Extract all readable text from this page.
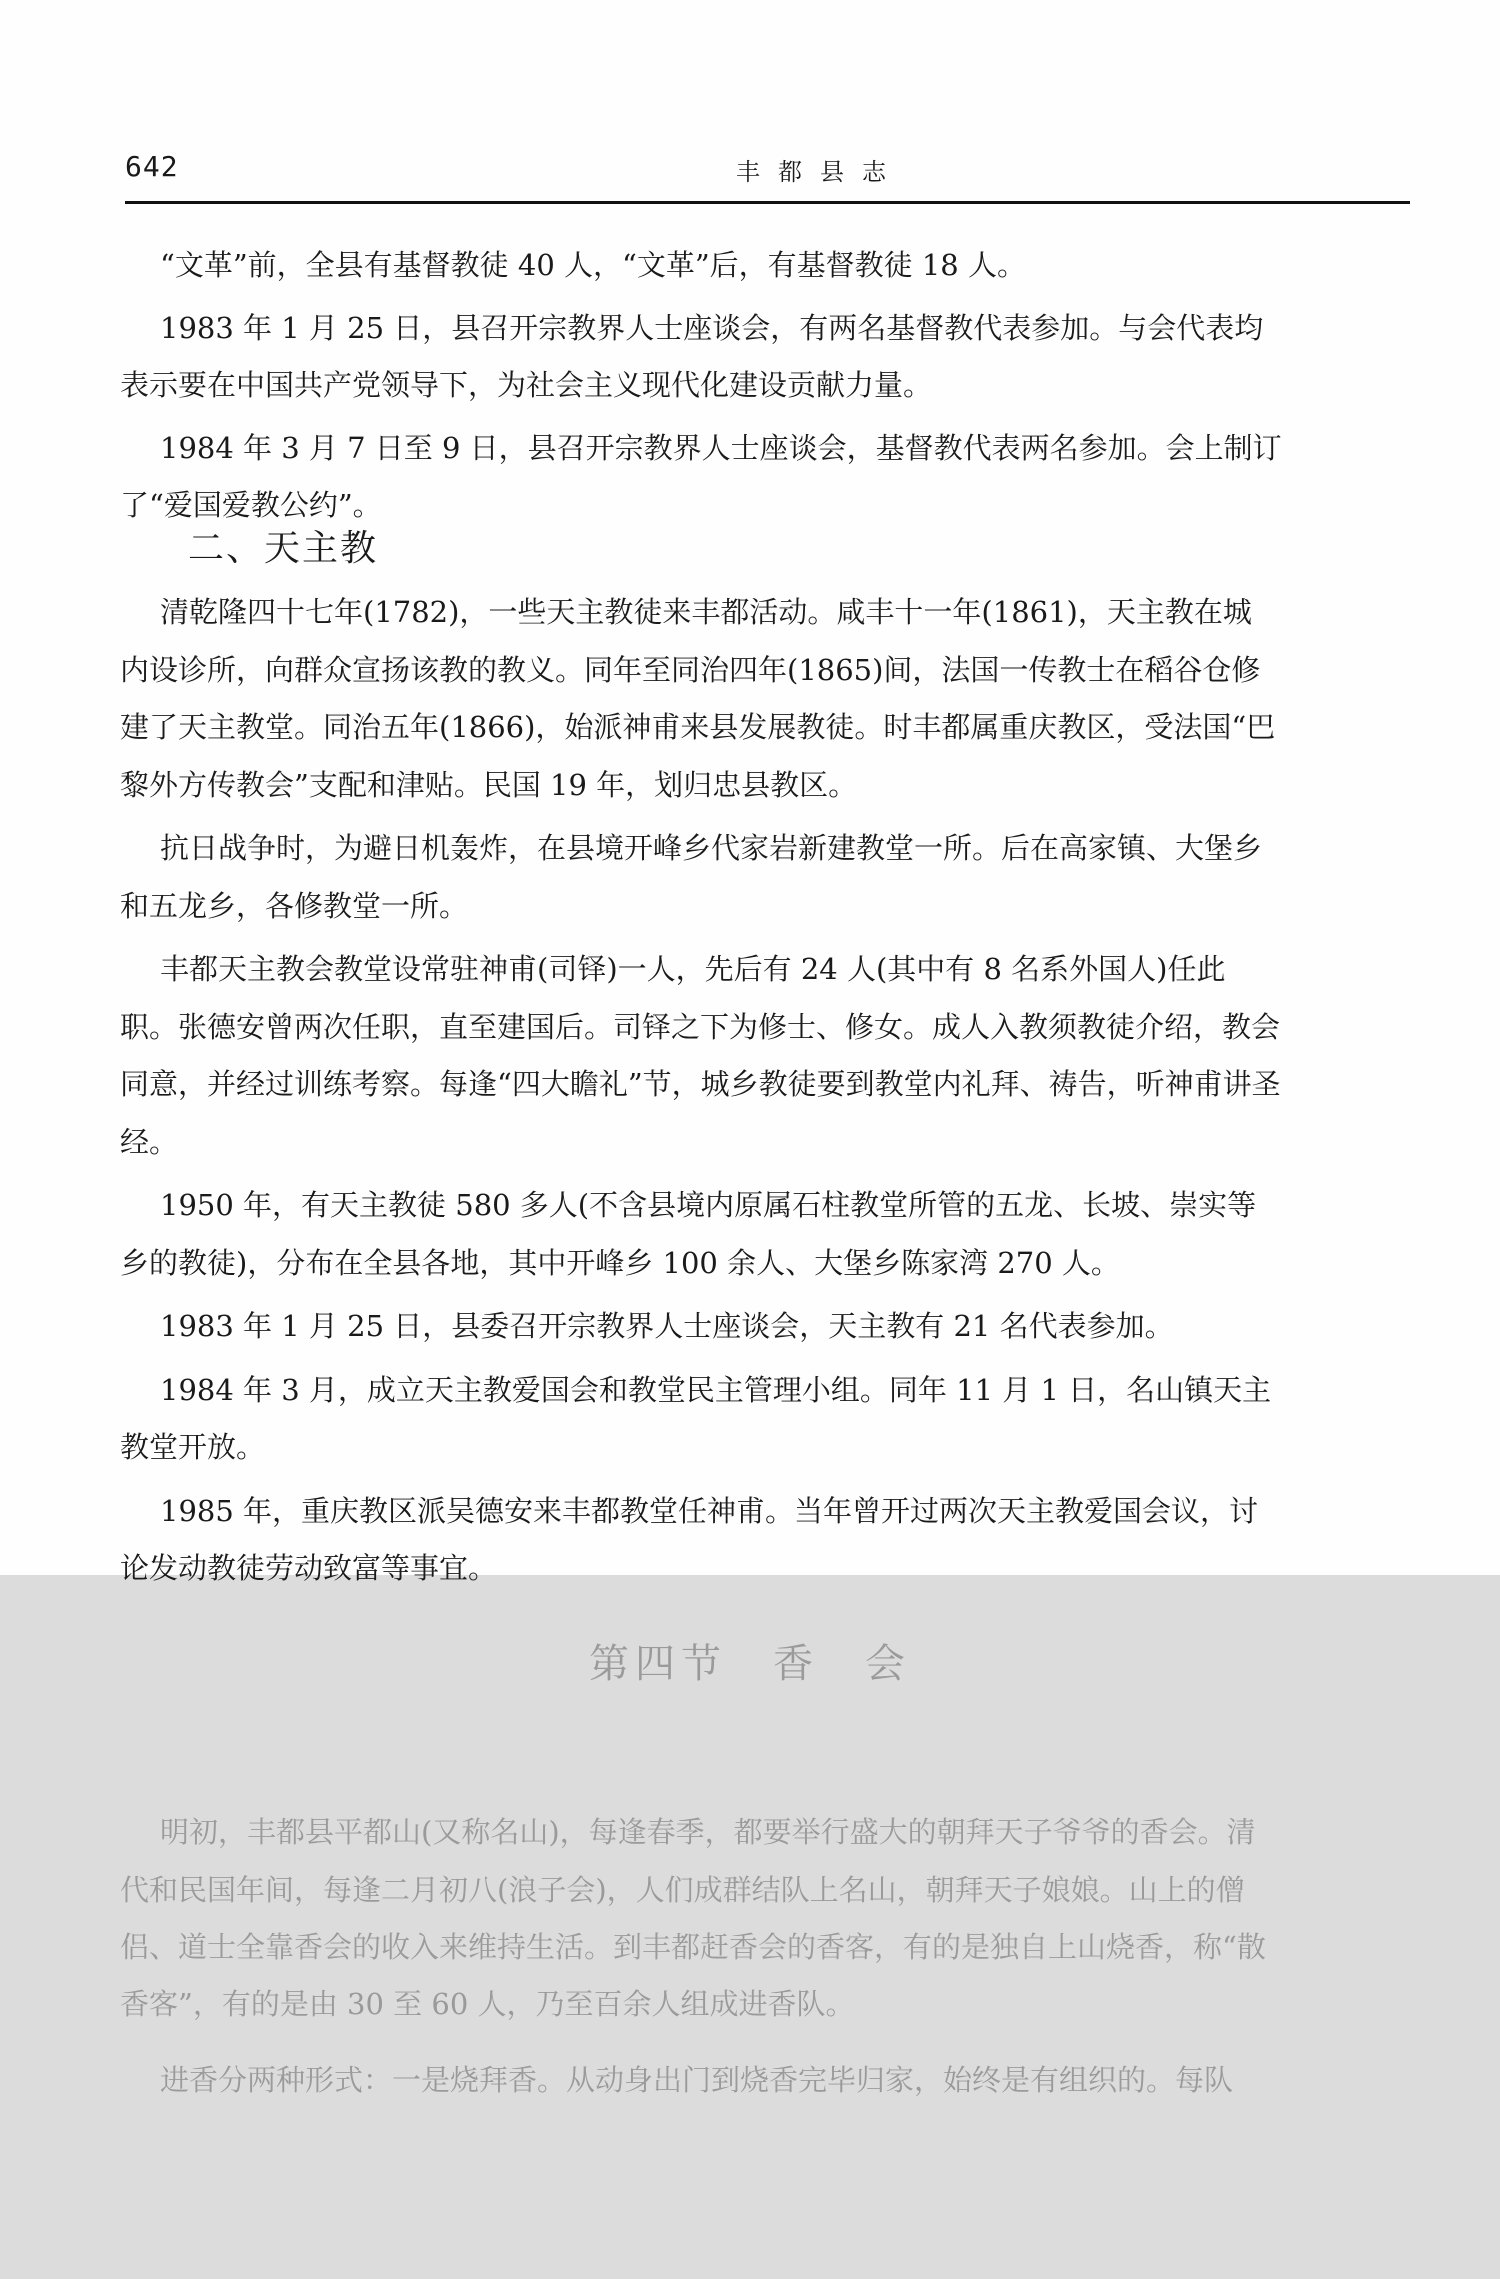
642	丰都县志

“文革”前，全县有基督教徒 40 人，“文革”后，有基督教徒 18 人。

1983 年 1 月 25 日，县召开宗教界人士座谈会，有两名基督教代表参加。与会代表均

表示要在中国共产党领导下，为社会主义现代化建设贡献力量。

1984 年 3 月 7 日至 9 日，县召开宗教界人士座谈会，基督教代表两名参加。会上制订

了“爱国爱教公约”。

二、天主教
清乾隆四十七年(1782)，一些天主教徒来丰都活动。咸丰十一年(1861)，天主教在城
内设诊所，向群众宣扬该教的教义。同年至同治四年(1865)间，法国一传教士在稻谷仓修
建了天主教堂。同治五年(1866)，始派神甫来县发展教徒。时丰都属重庆教区，受法国“巴
黎外方传教会”支配和津贴。民国 19 年，划归忠县教区。
抗日战争时，为避日机轰炸，在县境开峰乡代家岩新建教堂一所。后在高家镇、大堡乡
和五龙乡，各修教堂一所。
丰都天主教会教堂设常驻神甫(司铎)一人，先后有 24 人(其中有 8 名系外国人)任此
职。张德安曾两次任职，直至建国后。司铎之下为修士、修女。成人入教须教徒介绍，教会
同意，并经过训练考察。每逢“四大瞻礼”节，城乡教徒要到教堂内礼拜、祷告，听神甫讲圣
经。
1950 年，有天主教徒 580 多人(不含县境内原属石柱教堂所管的五龙、长坡、崇实等
乡的教徒)，分布在全县各地，其中开峰乡 100 余人、大堡乡陈家湾 270 人。
1983 年 1 月 25 日，县委召开宗教界人士座谈会，天主教有 21 名代表参加。
1984 年 3 月，成立天主教爱国会和教堂民主管理小组。同年 11 月 1 日，名山镇天主
教堂开放。
1985 年，重庆教区派吴德安来丰都教堂任神甫。当年曾开过两次天主教爱国会议，讨
论发动教徒劳动致富等事宜。
第四节　香　会
明初，丰都县平都山(又称名山)，每逢春季，都要举行盛大的朝拜天子爷爷的香会。清
代和民国年间，每逢二月初八(浪子会)，人们成群结队上名山，朝拜天子娘娘。山上的僧
侣、道士全靠香会的收入来维持生活。到丰都赶香会的香客，有的是独自上山烧香，称“散
香客”，有的是由 30 至 60 人，乃至百余人组成进香队。
进香分两种形式：一是烧拜香。从动身出门到烧香完毕归家，始终是有组织的。每队
